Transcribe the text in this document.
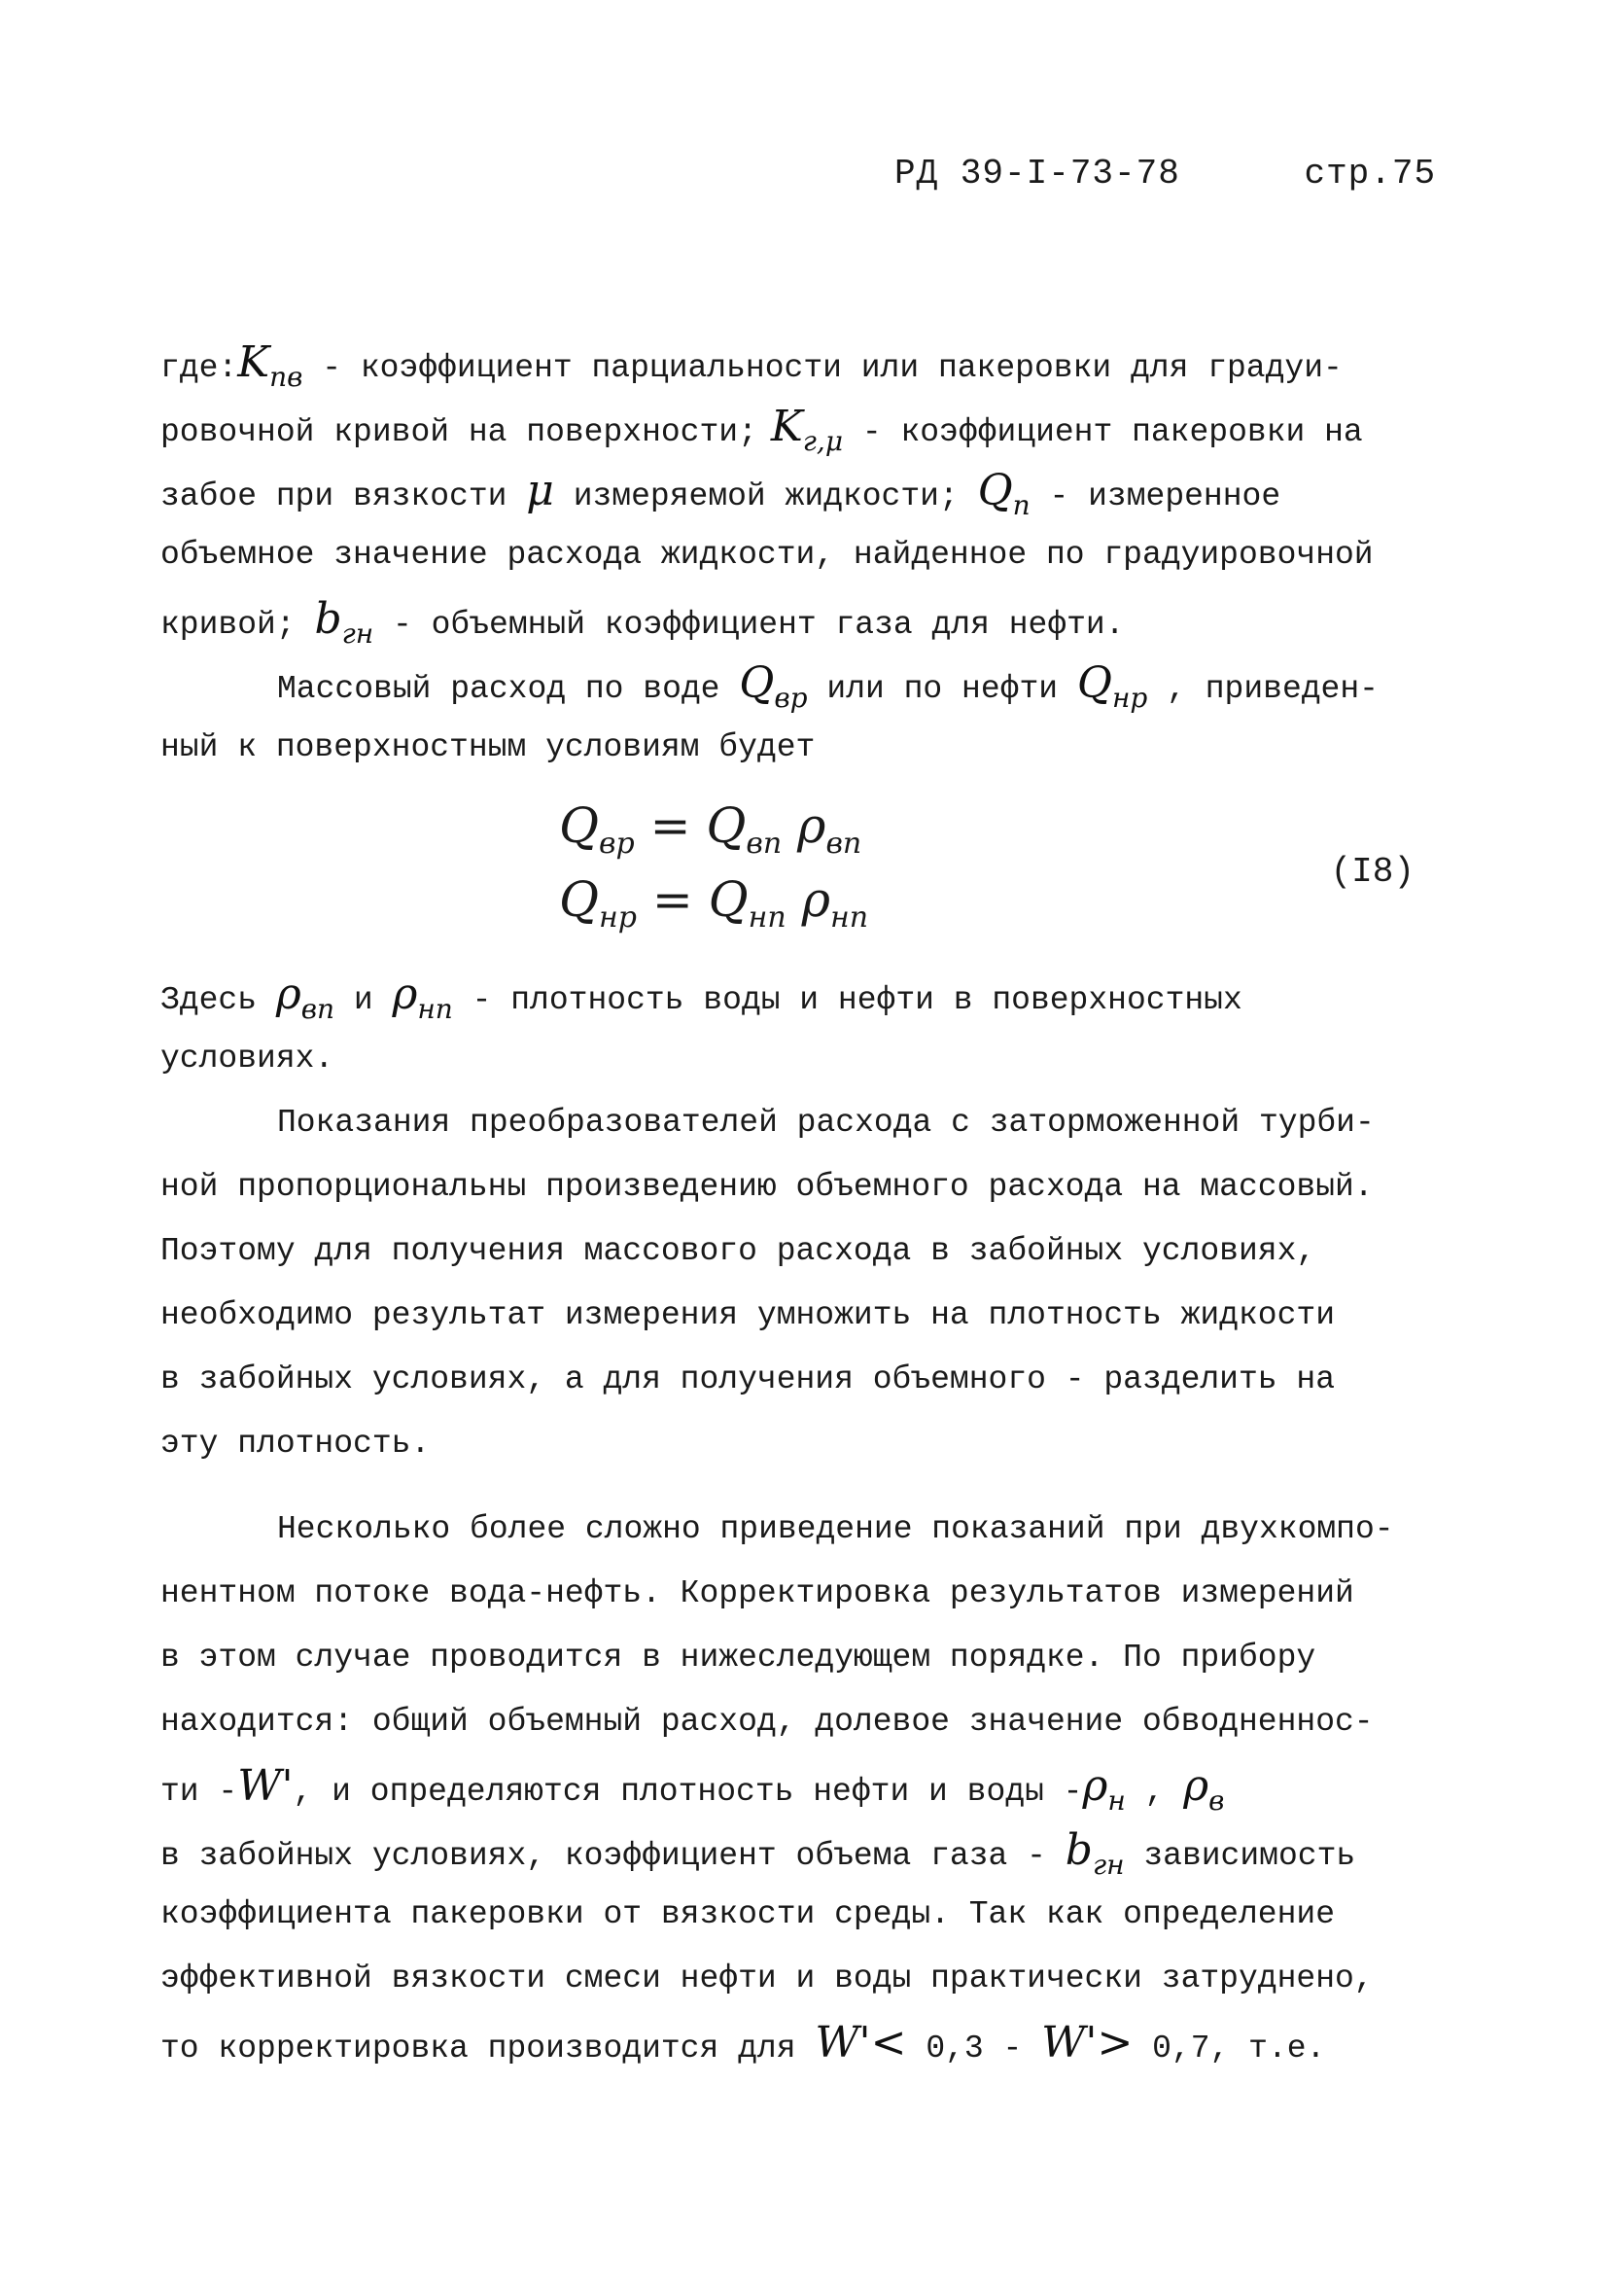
РД 39-І-73-78	стр.75
$где:K_{пв}$ - коэффициент парциальности или пакеровки для градуи-
ровочной кривой на поверхности; $K_{г,\mu}$ - коэффициент пакеровки на
забое при вязкости μ измеряемой жидкости; $Q_п$ - измеренное
объемное значение расхода жидкости, найденное по градуировочной
кривой; $b_{гн}$ - объемный коэффициент газа для нефти.
Массовый расход по воде $Q_{вр}$ или по нефти $Q_{нр}$ , приведен-
ный к поверхностным условиям будет
$Q_{вр} = Q_{вп}$ $\rho_{вп}$
$Q_{нр} = Q_{нп}$ $\rho_{нп}$
(І8)
Здесь $\rho_{вп}$ и $\rho_{нп}$ - плотность воды и нефти в поверхностных
условиях.
Показания преобразователей расхода с заторможенной турби-
ной пропорциональны произведению объемного расхода на массовый.
Поэтому для получения массового расхода в забойных условиях,
необходимо результат измерения умножить на плотность жидкости
в забойных условиях, а для получения объемного - разделить на
эту плотность.
Несколько более сложно приведение показаний при двухкомпо-
нентном потоке вода-нефть. Корректировка результатов измерений
в этом случае проводится в нижеследующем порядке. По прибору
находится: общий объемный расход, долевое значение обводненнос-
ти -W', и определяются плотность нефти и воды $-\rho_н$ , $\rho_в$
в забойных условиях, коэффициент объема газа - $b_{гн}$ зависимость
коэффициента пакеровки от вязкости среды. Так как определение
эффективной вязкости смеси нефти и воды практически затруднено,
то корректировка производится для W'< 0,3 - W'> 0,7, т.е.
